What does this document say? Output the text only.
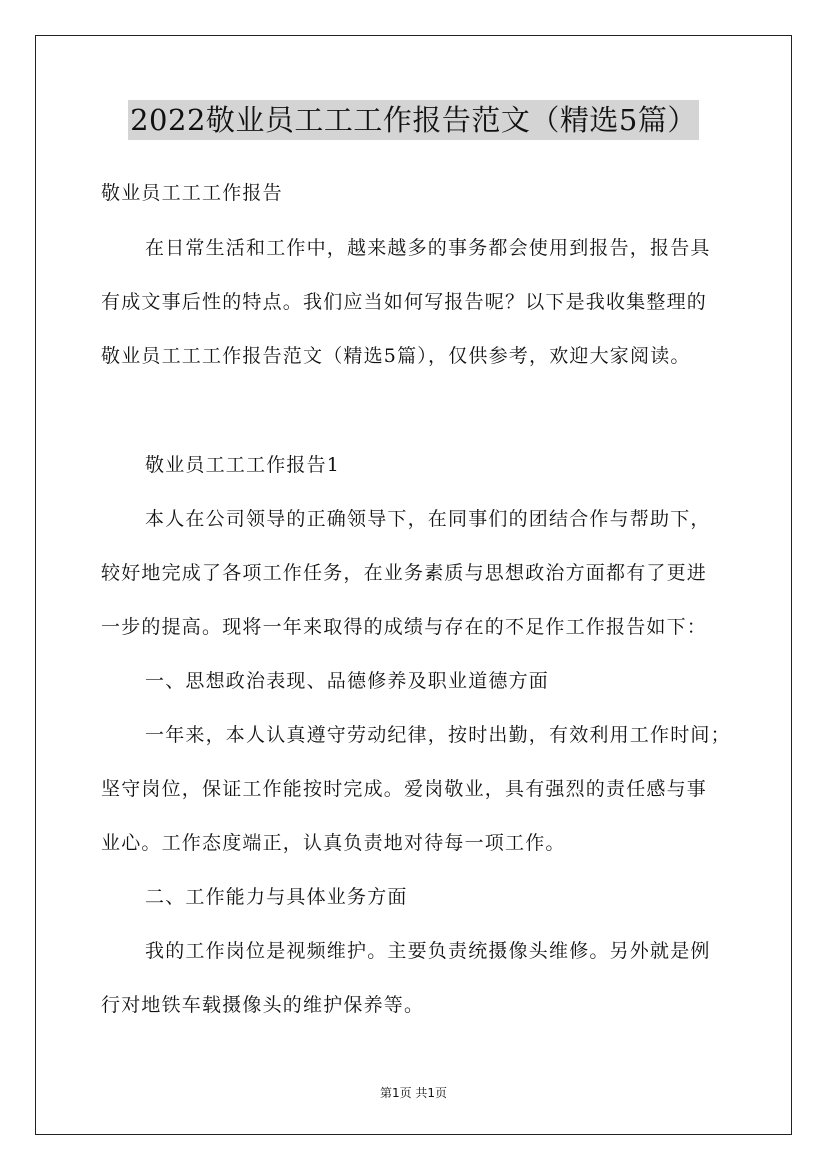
2022敬业员工工工作报告范文（精选5篇）
敬业员工工工作报告
在日常生活和工作中，越来越多的事务都会使用到报告，报告具
有成文事后性的特点。我们应当如何写报告呢？以下是我收集整理的
敬业员工工工作报告范文（精选5篇），仅供参考，欢迎大家阅读。
敬业员工工工作报告1
本人在公司领导的正确领导下，在同事们的团结合作与帮助下，
较好地完成了各项工作任务，在业务素质与思想政治方面都有了更进
一步的提高。现将一年来取得的成绩与存在的不足作工作报告如下：
一、思想政治表现、品德修养及职业道德方面
一年来，本人认真遵守劳动纪律，按时出勤，有效利用工作时间；
坚守岗位，保证工作能按时完成。爱岗敬业，具有强烈的责任感与事
业心。工作态度端正，认真负责地对待每一项工作。
二、工作能力与具体业务方面
我的工作岗位是视频维护。主要负责统摄像头维修。另外就是例
行对地铁车载摄像头的维护保养等。
第1页 共1页
